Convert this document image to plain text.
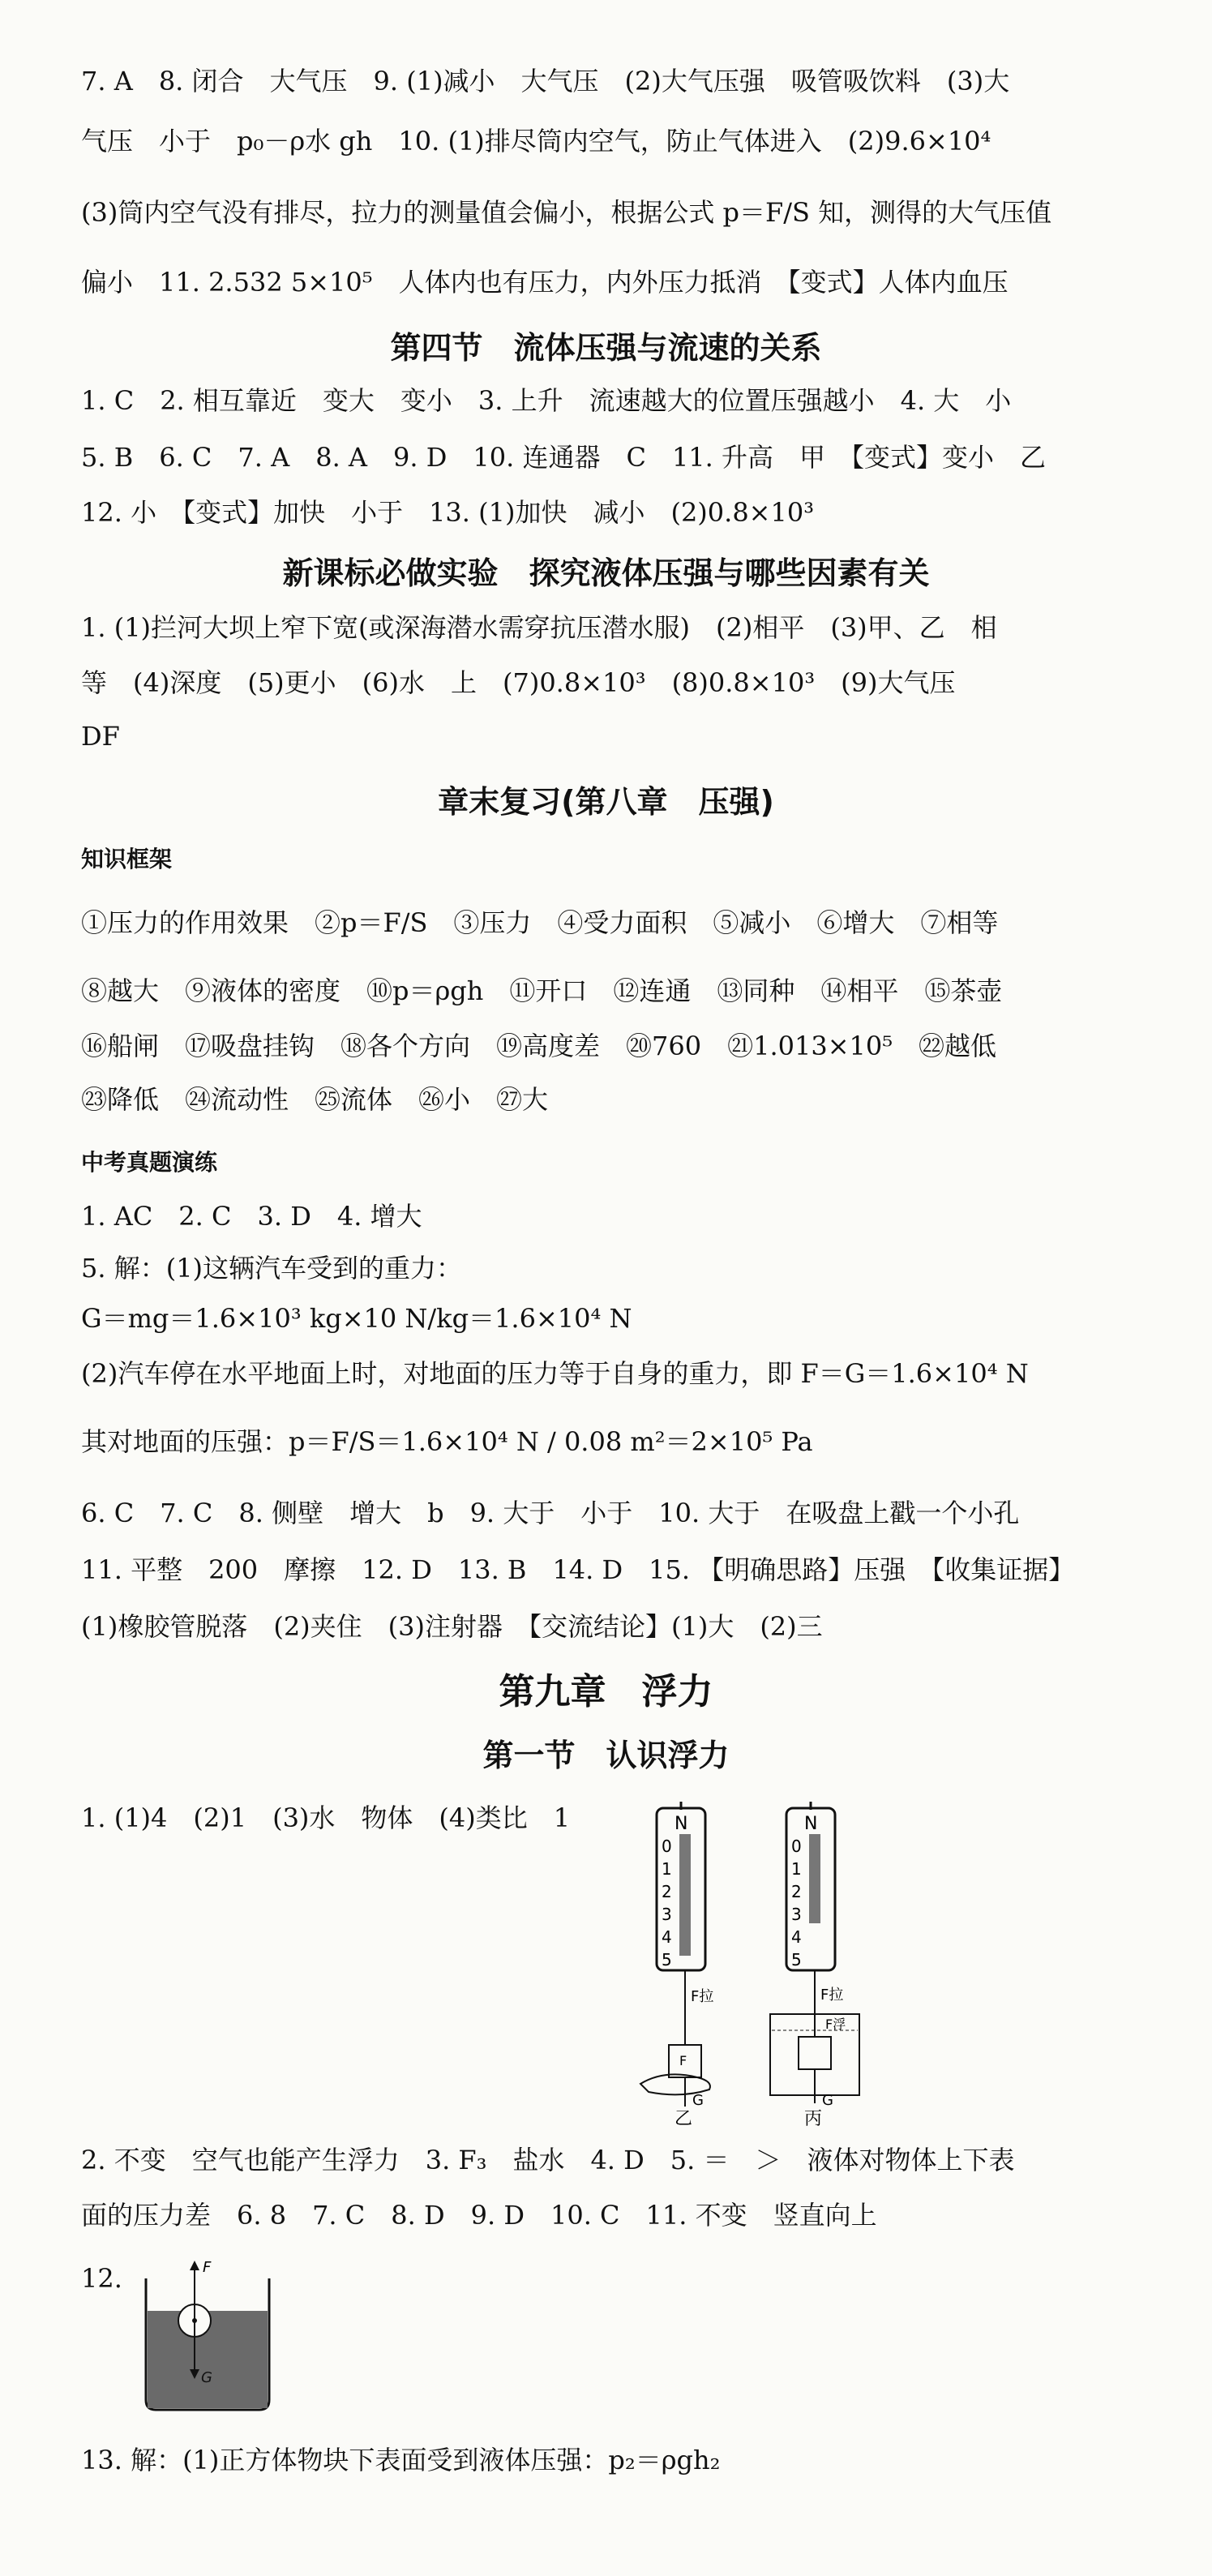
7. A　8. 闭合　大气压　9. (1)减小　大气压　(2)大气压强　吸管吸饮料　(3)大
气压　小于　p₀－ρ水 gh　10. (1)排尽筒内空气，防止气体进入　(2)9.6×10⁴
(3)筒内空气没有排尽，拉力的测量值会偏小，根据公式 p＝F/S 知，测得的大气压值
偏小　11. 2.532 5×10⁵　人体内也有压力，内外压力抵消　【变式】人体内血压
第四节　流体压强与流速的关系
1. C　2. 相互靠近　变大　变小　3. 上升　流速越大的位置压强越小　4. 大　小
5. B　6. C　7. A　8. A　9. D　10. 连通器　C　11. 升高　甲　【变式】变小　乙
12. 小　【变式】加快　小于　13. (1)加快　减小　(2)0.8×10³
新课标必做实验　探究液体压强与哪些因素有关
1. (1)拦河大坝上窄下宽(或深海潜水需穿抗压潜水服)　(2)相平　(3)甲、乙　相
等　(4)深度　(5)更小　(6)水　上　(7)0.8×10³　(8)0.8×10³　(9)大气压
DF
章末复习(第八章　压强)
知识框架
①压力的作用效果　②p＝F/S　③压力　④受力面积　⑤减小　⑥增大　⑦相等
⑧越大　⑨液体的密度　⑩p＝ρgh　⑪开口　⑫连通　⑬同种　⑭相平　⑮茶壶
⑯船闸　⑰吸盘挂钩　⑱各个方向　⑲高度差　⑳760　㉑1.013×10⁵　㉒越低
㉓降低　㉔流动性　㉕流体　㉖小　㉗大
中考真题演练
1. AC　2. C　3. D　4. 增大
5. 解：(1)这辆汽车受到的重力：
G＝mg＝1.6×10³ kg×10 N/kg＝1.6×10⁴ N
(2)汽车停在水平地面上时，对地面的压力等于自身的重力，即 F＝G＝1.6×10⁴ N
其对地面的压强：p＝F/S＝1.6×10⁴ N / 0.08 m²＝2×10⁵ Pa
6. C　7. C　8. 侧壁　增大　b　9. 大于　小于　10. 大于　在吸盘上戳一个小孔
11. 平整　200　摩擦　12. D　13. B　14. D　15. 【明确思路】压强　【收集证据】
(1)橡胶管脱落　(2)夹住　(3)注射器　【交流结论】(1)大　(2)三
第九章　浮力
第一节　认识浮力
1. (1)4　(2)1　(3)水　物体　(4)类比　1	N
0
1
2
3
4
5
F拉
F
G
乙
N
0
1
2
3
4
5
F拉
F浮
G
丙
2. 不变　空气也能产生浮力　3. F₃　盐水　4. D　5. ＝　＞　液体对物体上下表
面的压力差　6. 8　7. C　8. D　9. D　10. C　11. 不变　竖直向上
12.	F
G
13. 解：(1)正方体物块下表面受到液体压强：p₂＝ρgh₂
